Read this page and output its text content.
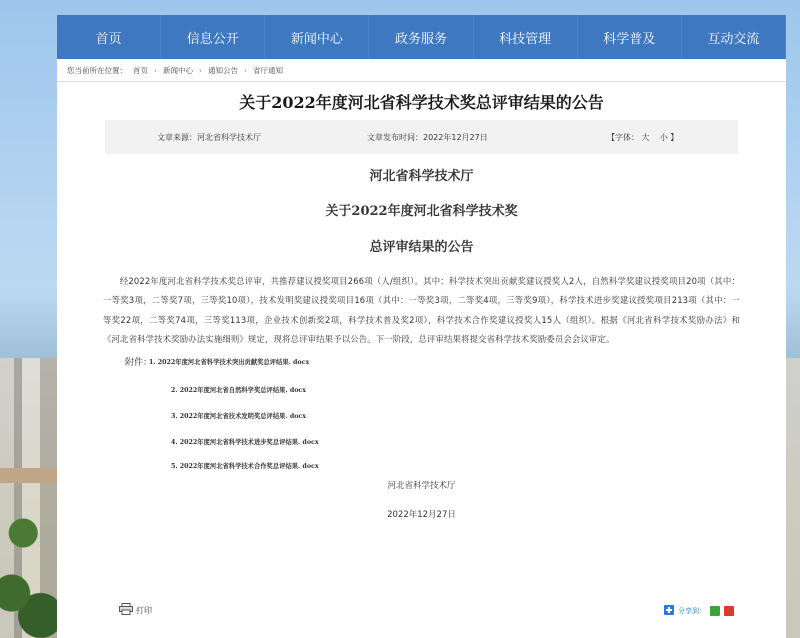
首页	信息公开	新闻中心	政务服务	科技管理	科学普及	互动交流
您当前所在位置： 首页 › 新闻中心 › 通知公告 › 省厅通知
关于2022年度河北省科学技术奖总评审结果的公告
文章来源：河北省科学技术厅	文章发布时间：2022年12月27日	【字体： 大 小 】
河北省科学技术厅
关于2022年度河北省科学技术奖
总评审结果的公告
经2022年度河北省科学技术奖总评审，共推荐建议授奖项目266项（人/组织）。其中：科学技术突出贡献奖建议授奖人2人，自然科学奖建议授奖项目20项（其中：一等奖3项，二等奖7项，三等奖10项），技术发明奖建议授奖项目16项（其中：一等奖3项，二等奖4项，三等奖9项），科学技术进步奖建议授奖项目213项（其中：一等奖22项，二等奖74项，三等奖113项，企业技术创新奖2项，科学技术普及奖2项），科学技术合作奖建议授奖人15人（组织）。根据《河北省科学技术奖励办法》和《河北省科学技术奖励办法实施细则》规定，现将总评审结果予以公告。下一阶段，总评审结果将提交省科学技术奖励委员会会议审定。
附件：
1. 2022年度河北省科学技术突出贡献奖总评结果. docx
2. 2022年度河北省自然科学奖总评结果. docx
3. 2022年度河北省技术发明奖总评结果. docx
4. 2022年度河北省科学技术进步奖总评结果. docx
5. 2022年度河北省科学技术合作奖总评结果. docx
河北省科学技术厅
2022年12月27日
打印	分享到：
